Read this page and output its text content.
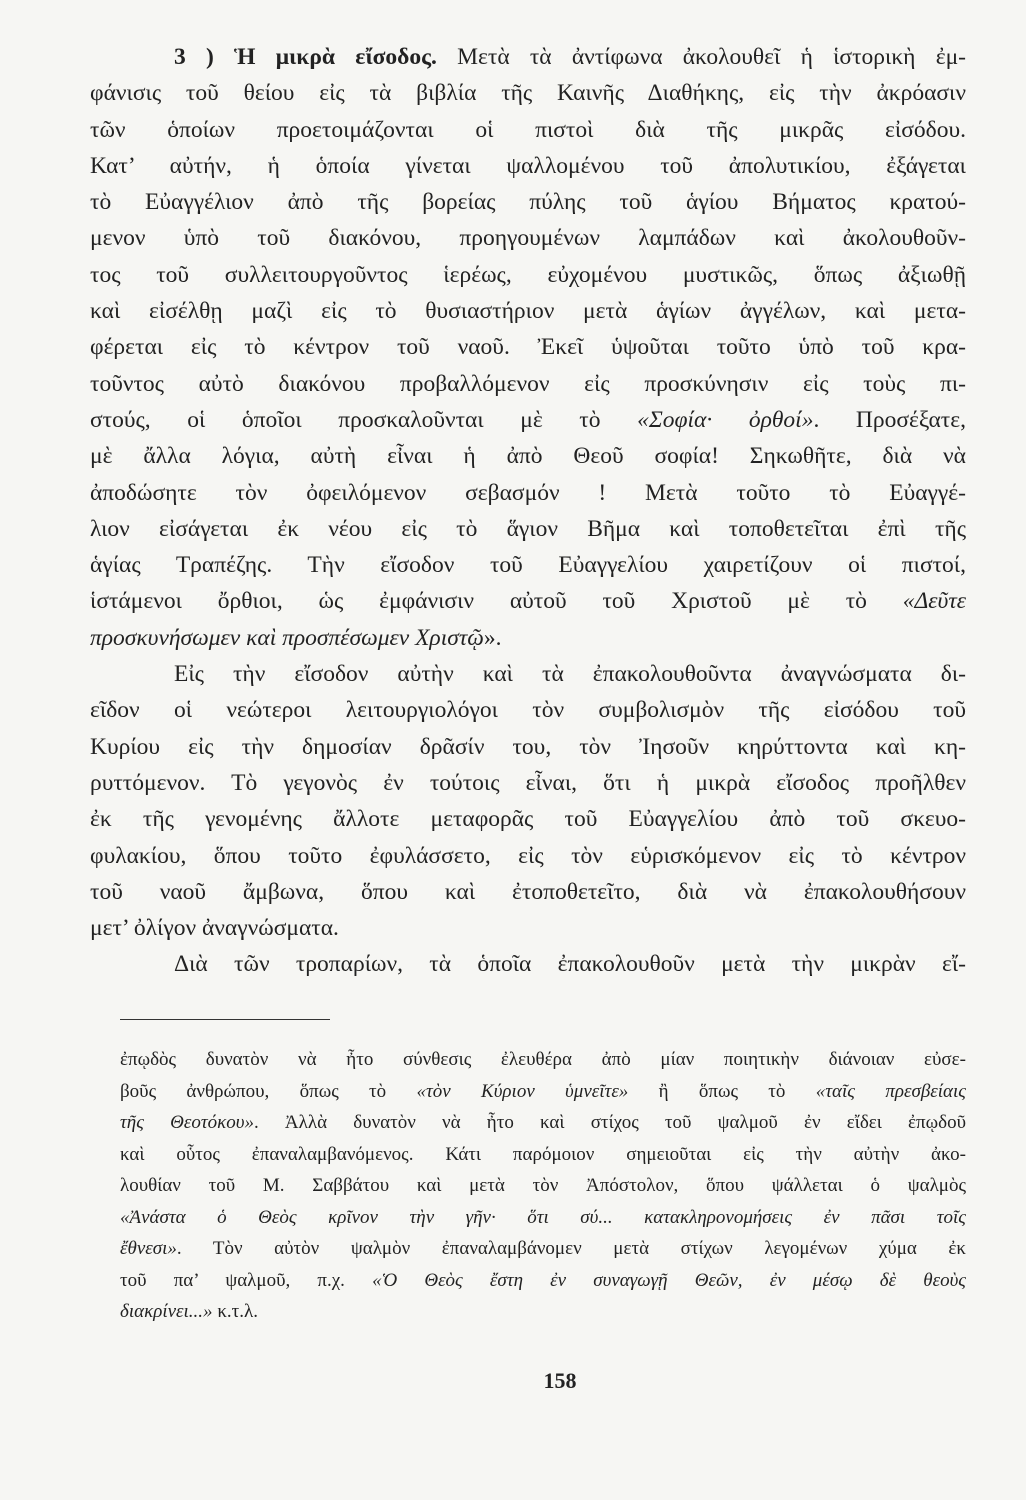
3 ) Ἡ μικρὰ εἴσοδος. Μετὰ τὰ ἀντίφωνα ἀκολουθεῖ ἡ ἱστορικὴ ἐμ-
φάνισις τοῦ θείου εἰς τὰ βιβλία τῆς Καινῆς Διαθήκης, εἰς τὴν ἀκρόασιν
τῶν ὁποίων προετοιμάζονται οἱ πιστοὶ διὰ τῆς μικρᾶς εἰσόδου.
Κατ’ αὐτήν, ἡ ὁποία γίνεται ψαλλομένου τοῦ ἀπολυτικίου, ἐξάγεται
τὸ Εὐαγγέλιον ἀπὸ τῆς βορείας πύλης τοῦ ἁγίου Βήματος κρατού-
μενον ὑπὸ τοῦ διακόνου, προηγουμένων λαμπάδων καὶ ἀκολουθοῦν-
τος τοῦ συλλειτουργοῦντος ἱερέως, εὐχομένου μυστικῶς, ὅπως ἀξιωθῇ
καὶ εἰσέλθῃ μαζὶ εἰς τὸ θυσιαστήριον μετὰ ἁγίων ἀγγέλων, καὶ μετα-
φέρεται εἰς τὸ κέντρον τοῦ ναοῦ. Ἐκεῖ ὑψοῦται τοῦτο ὑπὸ τοῦ κρα-
τοῦντος αὐτὸ διακόνου προβαλλόμενον εἰς προσκύνησιν εἰς τοὺς πι-
στούς, οἱ ὁποῖοι προσκαλοῦνται μὲ τὸ «Σοφία· ὀρθοί». Προσέξατε,
μὲ ἄλλα λόγια, αὐτὴ εἶναι ἡ ἀπὸ Θεοῦ σοφία! Σηκωθῆτε, διὰ νὰ
ἀποδώσητε τὸν ὀφειλόμενον σεβασμόν ! Μετὰ τοῦτο τὸ Εὐαγγέ-
λιον εἰσάγεται ἐκ νέου εἰς τὸ ἅγιον Βῆμα καὶ τοποθετεῖται ἐπὶ τῆς
ἁγίας Τραπέζης. Τὴν εἴσοδον τοῦ Εὐαγγελίου χαιρετίζουν οἱ πιστοί,
ἱστάμενοι ὄρθιοι, ὡς ἐμφάνισιν αὐτοῦ τοῦ Χριστοῦ μὲ τὸ «Δεῦτε
προσκυνήσωμεν καὶ προσπέσωμεν Χριστῷ».
Εἰς τὴν εἴσοδον αὐτὴν καὶ τὰ ἐπακολουθοῦντα ἀναγνώσματα δι-
εῖδον οἱ νεώτεροι λειτουργιολόγοι τὸν συμβολισμὸν τῆς εἰσόδου τοῦ
Κυρίου εἰς τὴν δημοσίαν δρᾶσίν του, τὸν Ἰησοῦν κηρύττοντα καὶ κη-
ρυττόμενον. Τὸ γεγονὸς ἐν τούτοις εἶναι, ὅτι ἡ μικρὰ εἴσοδος προῆλθεν
ἐκ τῆς γενομένης ἄλλοτε μεταφορᾶς τοῦ Εὐαγγελίου ἀπὸ τοῦ σκευο-
φυλακίου, ὅπου τοῦτο ἐφυλάσσετο, εἰς τὸν εὑρισκόμενον εἰς τὸ κέντρον
τοῦ ναοῦ ἄμβωνα, ὅπου καὶ ἐτοποθετεῖτο, διὰ νὰ ἐπακολουθήσουν
μετ’ ὀλίγον ἀναγνώσματα.
Διὰ τῶν τροπαρίων, τὰ ὁποῖα ἐπακολουθοῦν μετὰ τὴν μικρὰν εἴ-
ἐπῳδὸς δυνατὸν νὰ ἦτο σύνθεσις ἐλευθέρα ἀπὸ μίαν ποιητικὴν διάνοιαν εὐσε-
βοῦς ἀνθρώπου, ὅπως τὸ «τὸν Κύριον ὑμνεῖτε» ἢ ὅπως τὸ «ταῖς πρεσβείαις
τῆς Θεοτόκου». Ἀλλὰ δυνατὸν νὰ ἦτο καὶ στίχος τοῦ ψαλμοῦ ἐν εἴδει ἐπῳδοῦ
καὶ οὗτος ἐπαναλαμβανόμενος. Κάτι παρόμοιον σημειοῦται εἰς τὴν αὐτὴν ἀκο-
λουθίαν τοῦ Μ. Σαββάτου καὶ μετὰ τὸν Ἀπόστολον, ὅπου ψάλλεται ὁ ψαλμὸς
«Ἀνάστα ὁ Θεὸς κρῖνον τὴν γῆν· ὅτι σύ... κατακληρονομήσεις ἐν πᾶσι τοῖς
ἔθνεσι». Τὸν αὐτὸν ψαλμὸν ἐπαναλαμβάνομεν μετὰ στίχων λεγομένων χύμα ἐκ
τοῦ πα’ ψαλμοῦ, π.χ. «Ὁ Θεὸς ἔστη ἐν συναγωγῇ Θεῶν, ἐν μέσῳ δὲ θεοὺς
διακρίνει...» κ.τ.λ.
158
